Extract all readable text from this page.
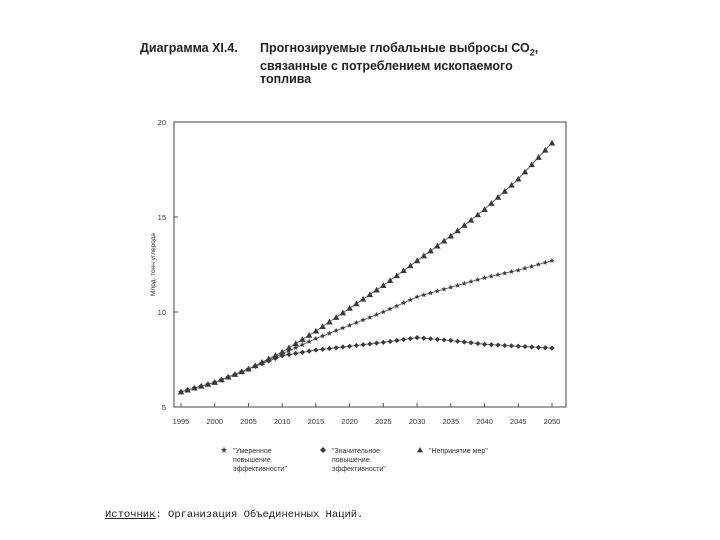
Диаграмма XI.4. Прогнозируемые глобальные выбросы $СО_2$,
связанные с потреблением ископаемого
топлива
5
10
15
20
1995 2000 2005 2010 2015 2020 2025 2030 2035 2040 2045 2050
Млрд. тонн углерода
"Умеренное
повышение
эффективности"
"Значительное
повышение
эффективности"
"Непринятие мер"
Источник: Организация Объединенных Наций.
